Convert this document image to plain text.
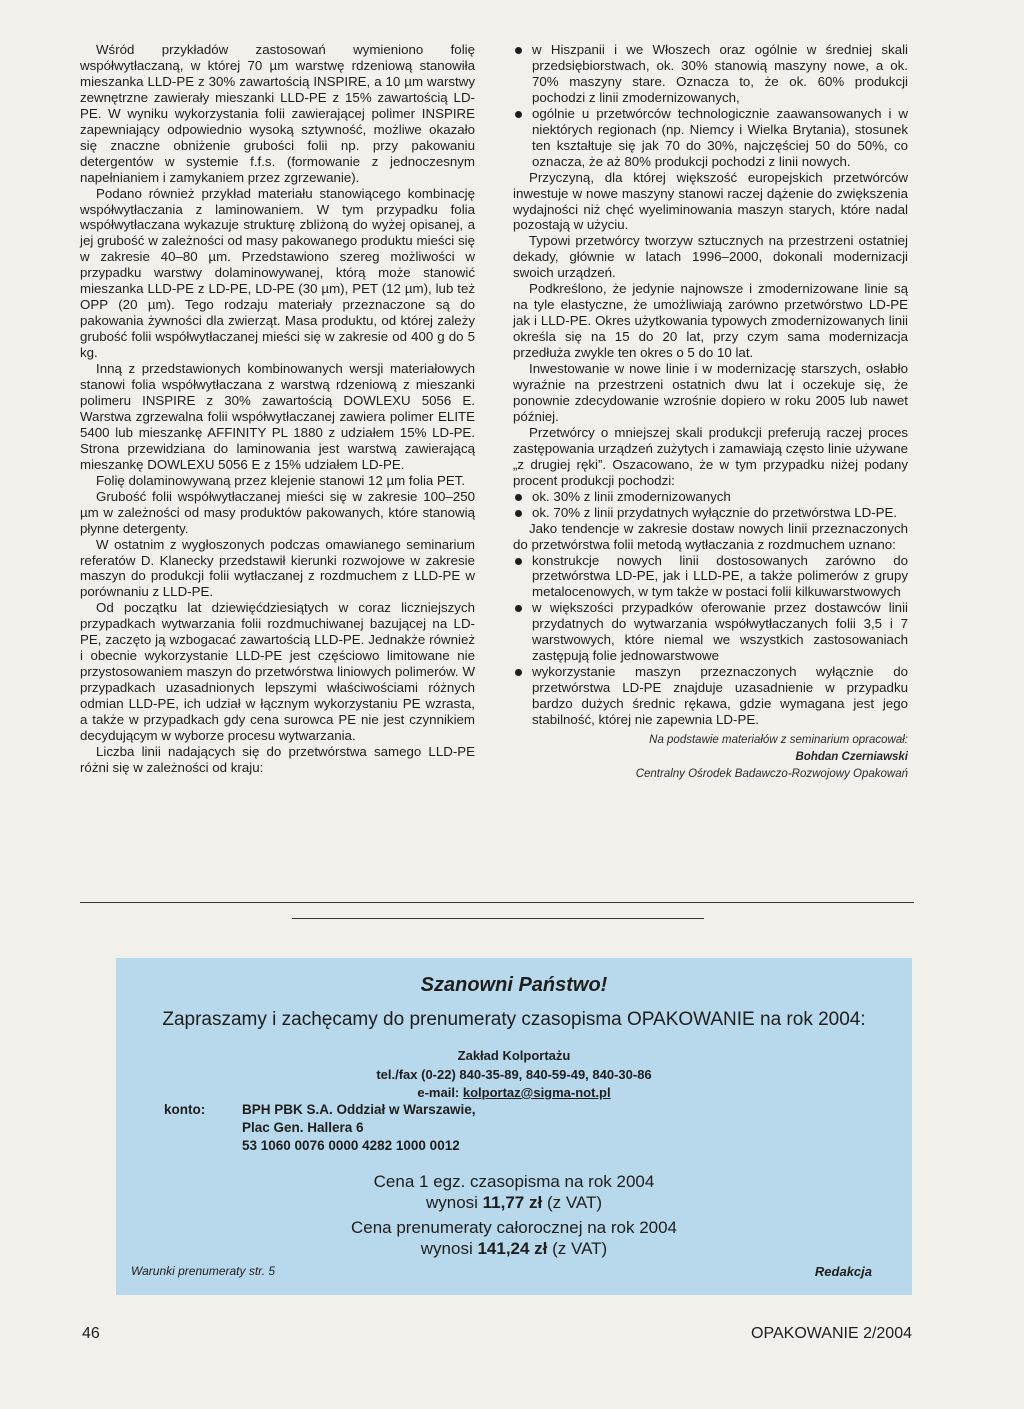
Wśród przykładów zastosowań wymieniono folię współwytłaczaną, w której 70 µm warstwę rdzeniową stanowiła mieszanka LLD-PE z 30% zawartością INSPIRE, a 10 µm warstwy zewnętrzne zawierały mieszanki LLD-PE z 15% zawartością LD-PE. W wyniku wykorzystania folii zawierającej polimer INSPIRE zapewniający odpowiednio wysoką sztywność, możliwe okazało się znaczne obniżenie grubości folii np. przy pakowaniu detergentów w systemie f.f.s. (formowanie z jednoczesnym napełnianiem i zamykaniem przez zgrzewanie).

Podano również przykład materiału stanowiącego kombinację współwytłaczania z laminowaniem. W tym przypadku folia współwytłaczana wykazuje strukturę zbliżoną do wyżej opisanej, a jej grubość w zależności od masy pakowanego produktu mieści się w zakresie 40–80 µm. Przedstawiono szereg możliwości w przypadku warstwy dolaminowywanej, którą może stanowić mieszanka LLD-PE z LD-PE, LD-PE (30 µm), PET (12 µm), lub też OPP (20 µm). Tego rodzaju materiały przeznaczone są do pakowania żywności dla zwierząt. Masa produktu, od której zależy grubość folii współwytłaczanej mieści się w zakresie od 400 g do 5 kg.

Inną z przedstawionych kombinowanych wersji materiałowych stanowi folia współwytłaczana z warstwą rdzeniową z mieszanki polimeru INSPIRE z 30% zawartością DOWLEXU 5056 E. Warstwa zgrzewalna folii współwytłaczanej zawiera polimer ELITE 5400 lub mieszankę AFFINITY PL 1880 z udziałem 15% LD-PE. Strona przewidziana do laminowania jest warstwą zawierającą mieszankę DOWLEXU 5056 E z 15% udziałem LD-PE.

Folię dolaminowywaną przez klejenie stanowi 12 µm folia PET.

Grubość folii współwytłaczanej mieści się w zakresie 100–250 µm w zależności od masy produktów pakowanych, które stanowią płynne detergenty.

W ostatnim z wygłoszonych podczas omawianego seminarium referatów D. Klanecky przedstawił kierunki rozwojowe w zakresie maszyn do produkcji folii wytłaczanej z rozdmuchem z LLD-PE w porównaniu z LLD-PE.

Od początku lat dziewięćdziesiątych w coraz liczniejszych przypadkach wytwarzania folii rozdmuchiwanej bazującej na LD-PE, zaczęto ją wzbogacać zawartością LLD-PE. Jednakże również i obecnie wykorzystanie LLD-PE jest częściowo limitowane nie przystosowaniem maszyn do przetwórstwa liniowych polimerów. W przypadkach uzasadnionych lepszymi właściwościami różnych odmian LLD-PE, ich udział w łącznym wykorzystaniu PE wzrasta, a także w przypadkach gdy cena surowca PE nie jest czynnikiem decydującym w wyborze procesu wytwarzania.

Liczba linii nadających się do przetwórstwa samego LLD-PE różni się w zależności od kraju:

w Hiszpanii i we Włoszech oraz ogólnie w średniej skali przedsiębiorstwach, ok. 30% stanowią maszyny nowe, a ok. 70% maszyny stare. Oznacza to, że ok. 60% produkcji pochodzi z linii zmodernizowanych,
ogólnie u przetwórców technologicznie zaawansowanych i w niektórych regionach (np. Niemcy i Wielka Brytania), stosunek ten kształtuje się jak 70 do 30%, najczęściej 50 do 50%, co oznacza, że aż 80% produkcji pochodzi z linii nowych.

Przyczyną, dla której większość europejskich przetwórców inwestuje w nowe maszyny stanowi raczej dążenie do zwiększenia wydajności niż chęć wyeliminowania maszyn starych, które nadal pozostają w użyciu.

Typowi przetwórcy tworzyw sztucznych na przestrzeni ostatniej dekady, głównie w latach 1996–2000, dokonali modernizacji swoich urządzeń.

Podkreślono, że jedynie najnowsze i zmodernizowane linie są na tyle elastyczne, że umożliwiają zarówno przetwórstwo LD-PE jak i LLD-PE. Okres użytkowania typowych zmodernizowanych linii określa się na 15 do 20 lat, przy czym sama modernizacja przedłuża zwykle ten okres o 5 do 10 lat.

Inwestowanie w nowe linie i w modernizację starszych, osłabło wyraźnie na przestrzeni ostatnich dwu lat i oczekuje się, że ponownie zdecydowanie wzrośnie dopiero w roku 2005 lub nawet później.

Przetwórcy o mniejszej skali produkcji preferują raczej proces zastępowania urządzeń zużytych i zamawiają często linie używane „z drugiej ręki”. Oszacowano, że w tym przypadku niżej podany procent produkcji pochodzi:

ok. 30% z linii zmodernizowanych
ok. 70% z linii przydatnych wyłącznie do przetwórstwa LD-PE.

Jako tendencje w zakresie dostaw nowych linii przeznaczonych do przetwórstwa folii metodą wytłaczania z rozdmuchem uznano:

konstrukcje nowych linii dostosowanych zarówno do przetwórstwa LD-PE, jak i LLD-PE, a także polimerów z grupy metalocenowych, w tym także w postaci folii kilkuwarstwowych
w większości przypadków oferowanie przez dostawców linii przydatnych do wytwarzania współwytłaczanych folii 3,5 i 7 warstwowych, które niemal we wszystkich zastosowaniach zastępują folie jednowarstwowe
wykorzystanie maszyn przeznaczonych wyłącznie do przetwórstwa LD-PE znajduje uzasadnienie w przypadku bardzo dużych średnic rękawa, gdzie wymagana jest jego stabilność, której nie zapewnia LD-PE.
Na podstawie materiałów z seminarium opracował:
Bohdan Czerniawski
Centralny Ośrodek Badawczo-Rozwojowy Opakowań
Szanowni Państwo!
Zapraszamy i zachęcamy do prenumeraty czasopisma OPAKOWANIE na rok 2004:
Zakład Kolportażu
tel./fax (0-22) 840-35-89, 840-59-49, 840-30-86
e-mail: kolportaz@sigma-not.pl
konto:	BPH PBK S.A. Oddział w Warszawie,
Plac Gen. Hallera 6
53 1060 0076 0000 4282 1000 0012
Cena 1 egz. czasopisma na rok 2004
wynosi 11,77 zł (z VAT)
Cena prenumeraty całorocznej na rok 2004
wynosi 141,24 zł (z VAT)
Warunki prenumeraty str. 5	Redakcja
46	OPAKOWANIE 2/2004
